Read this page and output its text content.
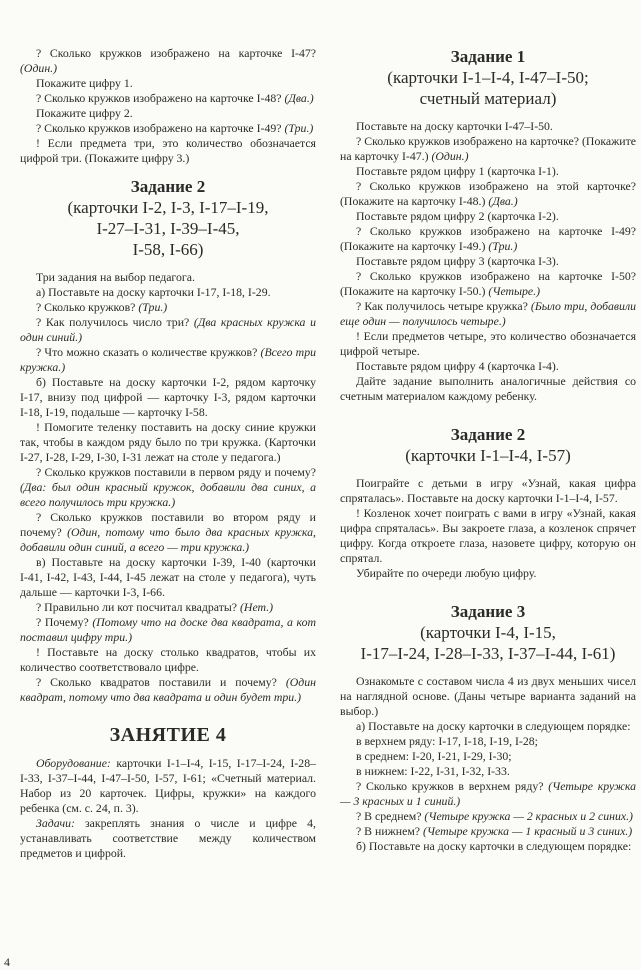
? Сколько кружков изображено на карточке І-47? (Один.)

Покажите цифру 1.

? Сколько кружков изображено на карточке І-48? (Два.)

Покажите цифру 2.

? Сколько кружков изображено на карточке І-49? (Три.)

! Если предмета три, это количество обозначается цифрой три. (Покажите цифру 3.)

Задание 2
(карточки І-2, І-3, І-17–І-19,
І-27–І-31, І-39–І-45,
І-58, І-66)

Три задания на выбор педагога.

а) Поставьте на доску карточки І-17, І-18, І-29.

? Сколько кружков? (Три.)

? Как получилось число три? (Два красных кружка и один синий.)

? Что можно сказать о количестве кружков? (Всего три кружка.)

б) Поставьте на доску карточки І-2, рядом карточку І-17, внизу под цифрой — карточку І-3, рядом карточки І-18, І-19, подальше — карточку І-58.

! Помогите теленку поставить на доску синие кружки так, чтобы в каждом ряду было по три кружка. (Карточки І-27, І-28, І-29, І-30, І-31 лежат на столе у педагога.)

? Сколько кружков поставили в первом ряду и почему? (Два: был один красный кружок, добавили два синих, а всего получилось три кружка.)

? Сколько кружков поставили во втором ряду и почему? (Один, потому что было два красных кружка, добавили один синий, а всего — три кружка.)

в) Поставьте на доску карточки І-39, І-40 (карточки І-41, І-42, І-43, І-44, І-45 лежат на столе у педагога), чуть дальше — карточки І-3, І-66.

? Правильно ли кот посчитал квадраты? (Нет.)

? Почему? (Потому что на доске два квадрата, а кот поставил цифру три.)

! Поставьте на доску столько квадратов, чтобы их количество соответствовало цифре.

? Сколько квадратов поставили и почему? (Один квадрат, потому что два квадрата и один будет три.)

ЗАНЯТИЕ 4

Оборудование: карточки І-1–І-4, І-15, І-17–І-24, І-28–І-33, І-37–І-44, І-47–І-50, І-57, І-61; «Счетный материал. Набор из 20 карточек. Цифры, кружки» на каждого ребенка (см. с. 24, п. 3).

Задачи: закреплять знания о числе и цифре 4, устанавливать соответствие между количеством предметов и цифрой.

Задание 1
(карточки І-1–І-4, І-47–І-50;
счетный материал)

Поставьте на доску карточки І-47–І-50.

? Сколько кружков изображено на карточке? (Покажите на карточку І-47.) (Один.)

Поставьте рядом цифру 1 (карточка І-1).

? Сколько кружков изображено на этой карточке? (Покажите на карточку І-48.) (Два.)

Поставьте рядом цифру 2 (карточка І-2).

? Сколько кружков изображено на карточке І-49? (Покажите на карточку І-49.) (Три.)

Поставьте рядом цифру 3 (карточка І-3).

? Сколько кружков изображено на карточке І-50? (Покажите на карточку І-50.) (Четыре.)

? Как получилось четыре кружка? (Было три, добавили еще один — получилось четыре.)

! Если предметов четыре, это количество обозначается цифрой четыре.

Поставьте рядом цифру 4 (карточка І-4).

Дайте задание выполнить аналогичные действия со счетным материалом каждому ребенку.

Задание 2
(карточки І-1–І-4, І-57)

Поиграйте с детьми в игру «Узнай, какая цифра спряталась». Поставьте на доску карточки І-1–І-4, І-57.

! Козленок хочет поиграть с вами в игру «Узнай, какая цифра спряталась». Вы закроете глаза, а козленок спрячет цифру. Когда откроете глаза, назовете цифру, которую он спрятал.

Убирайте по очереди любую цифру.

Задание 3
(карточки І-4, І-15,
І-17–І-24, І-28–І-33, І-37–І-44, І-61)

Ознакомьте с составом числа 4 из двух меньших чисел на наглядной основе. (Даны четыре варианта заданий на выбор.)

а) Поставьте на доску карточки в следующем порядке:

в верхнем ряду: І-17, І-18, І-19, І-28;

в среднем: І-20, І-21, І-29, І-30;

в нижнем: І-22, І-31, І-32, І-33.

? Сколько кружков в верхнем ряду? (Четыре кружка — 3 красных и 1 синий.)

? В среднем? (Четыре кружка — 2 красных и 2 синих.)

? В нижнем? (Четыре кружка — 1 красный и 3 синих.)

б) Поставьте на доску карточки в следующем порядке:

4
